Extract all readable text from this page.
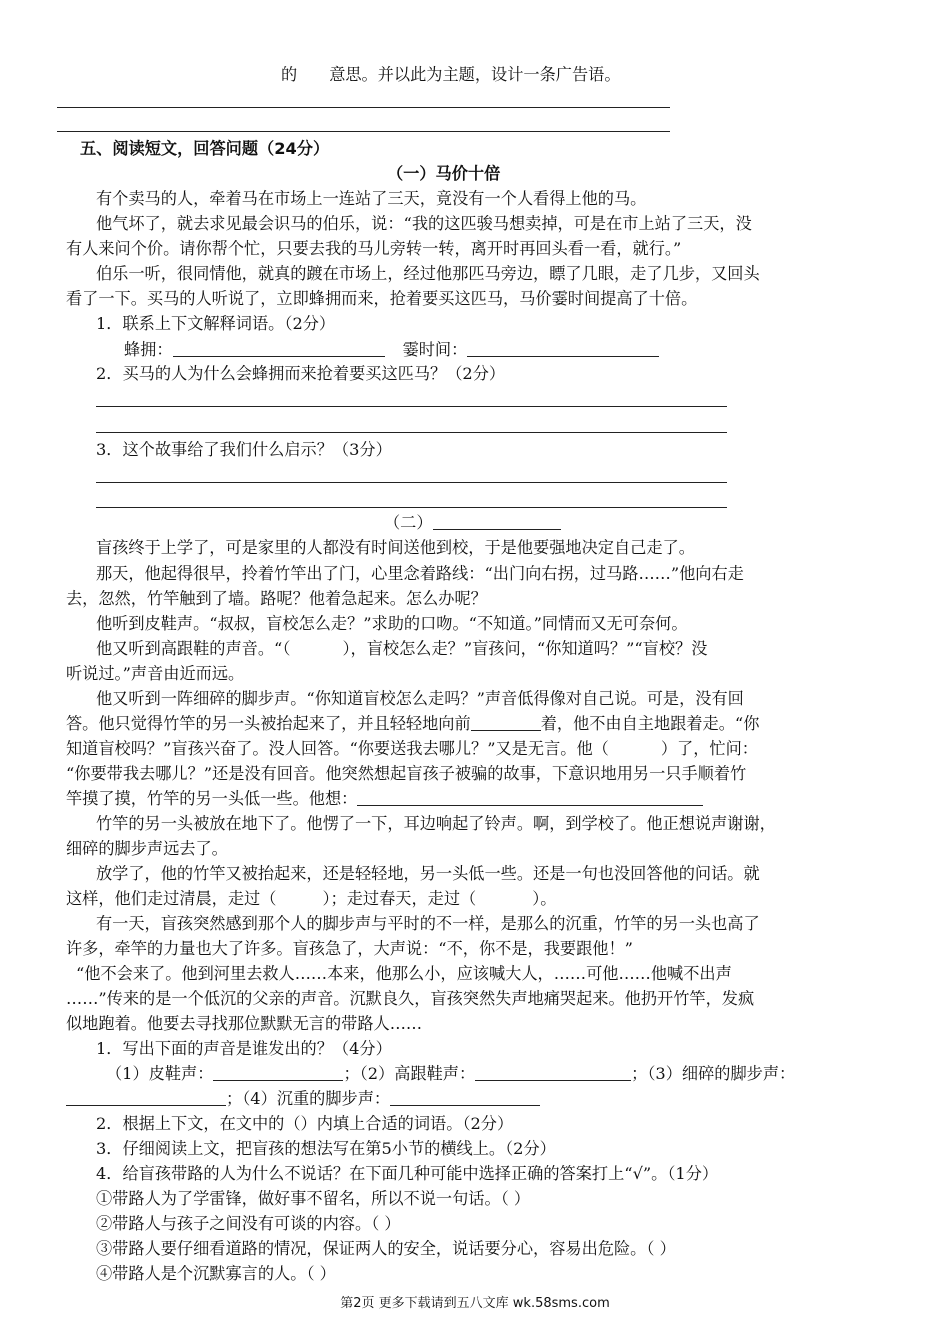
的 意思。并以此为主题，设计一条广告语。
五、阅读短文，回答问题（24分）
（一）马价十倍
有个卖马的人，牵着马在市场上一连站了三天，竟没有一个人看得上他的马。
他气坏了，就去求见最会识马的伯乐，说：“我的这匹骏马想卖掉，可是在市上站了三天，没
有人来问个价。请你帮个忙，只要去我的马儿旁转一转，离开时再回头看一看，就行。”
伯乐一听，很同情他，就真的踱在市场上，经过他那匹马旁边，瞟了几眼，走了几步，又回头
看了一下。买马的人听说了，立即蜂拥而来，抢着要买这匹马，马价霎时间提高了十倍。
1．联系上下文解释词语。（2分）
蜂拥：	霎时间：
2．买马的人为什么会蜂拥而来抢着要买这匹马？（2分）
3．这个故事给了我们什么启示？（3分）
（二）
盲孩终于上学了，可是家里的人都没有时间送他到校，于是他要强地决定自己走了。
那天，他起得很早，拎着竹竿出了门，心里念着路线：“出门向右拐，过马路……”他向右走
去，忽然，竹竿触到了墙。路呢？他着急起来。怎么办呢？
他听到皮鞋声。“叔叔，盲校怎么走？”求助的口吻。“不知道。”同情而又无可奈何。
他又听到高跟鞋的声音。“（	），盲校怎么走？”盲孩问，“你知道吗？”“盲校？没
听说过。”声音由近而远。
他又听到一阵细碎的脚步声。“你知道盲校怎么走吗？”声音低得像对自己说。可是，没有回
答。他只觉得竹竿的另一头被抬起来了，并且轻轻地向前	着，他不由自主地跟着走。“你
知道盲校吗？”盲孩兴奋了。没人回答。“你要送我去哪儿？”又是无言。他（	）了，忙问：
“你要带我去哪儿？”还是没有回音。他突然想起盲孩子被骗的故事，下意识地用另一只手顺着竹
竿摸了摸，竹竿的另一头低一些。他想：
竹竿的另一头被放在地下了。他愣了一下，耳边响起了铃声。啊，到学校了。他正想说声谢谢，
细碎的脚步声远去了。
放学了，他的竹竿又被抬起来，还是轻轻地，另一头低一些。还是一句也没回答他的问话。就
这样，他们走过清晨，走过（	）；走过春天，走过（	）。
有一天，盲孩突然感到那个人的脚步声与平时的不一样，是那么的沉重，竹竿的另一头也高了
许多，牵竿的力量也大了许多。盲孩急了，大声说：“不，你不是，我要跟他！”
“他不会来了。他到河里去救人……本来，他那么小，应该喊大人，……可他……他喊不出声
……”传来的是一个低沉的父亲的声音。沉默良久，盲孩突然失声地痛哭起来。他扔开竹竿，发疯
似地跑着。他要去寻找那位默默无言的带路人……
1．写出下面的声音是谁发出的？（4分）
（1）皮鞋声：	；（2）高跟鞋声：	；（3）细碎的脚步声：
；（4）沉重的脚步声：
2．根据上下文，在文中的（）内填上合适的词语。（2分）
3．仔细阅读上文，把盲孩的想法写在第5小节的横线上。（2分）
4．给盲孩带路的人为什么不说话？在下面几种可能中选择正确的答案打上“√”。（1分）
①带路人为了学雷锋，做好事不留名，所以不说一句话。（ ）
②带路人与孩子之间没有可谈的内容。（ ）
③带路人要仔细看道路的情况，保证两人的安全，说话要分心，容易出危险。（ ）
④带路人是个沉默寡言的人。（ ）
第2页 更多下载请到五八文库 wk.58sms.com
